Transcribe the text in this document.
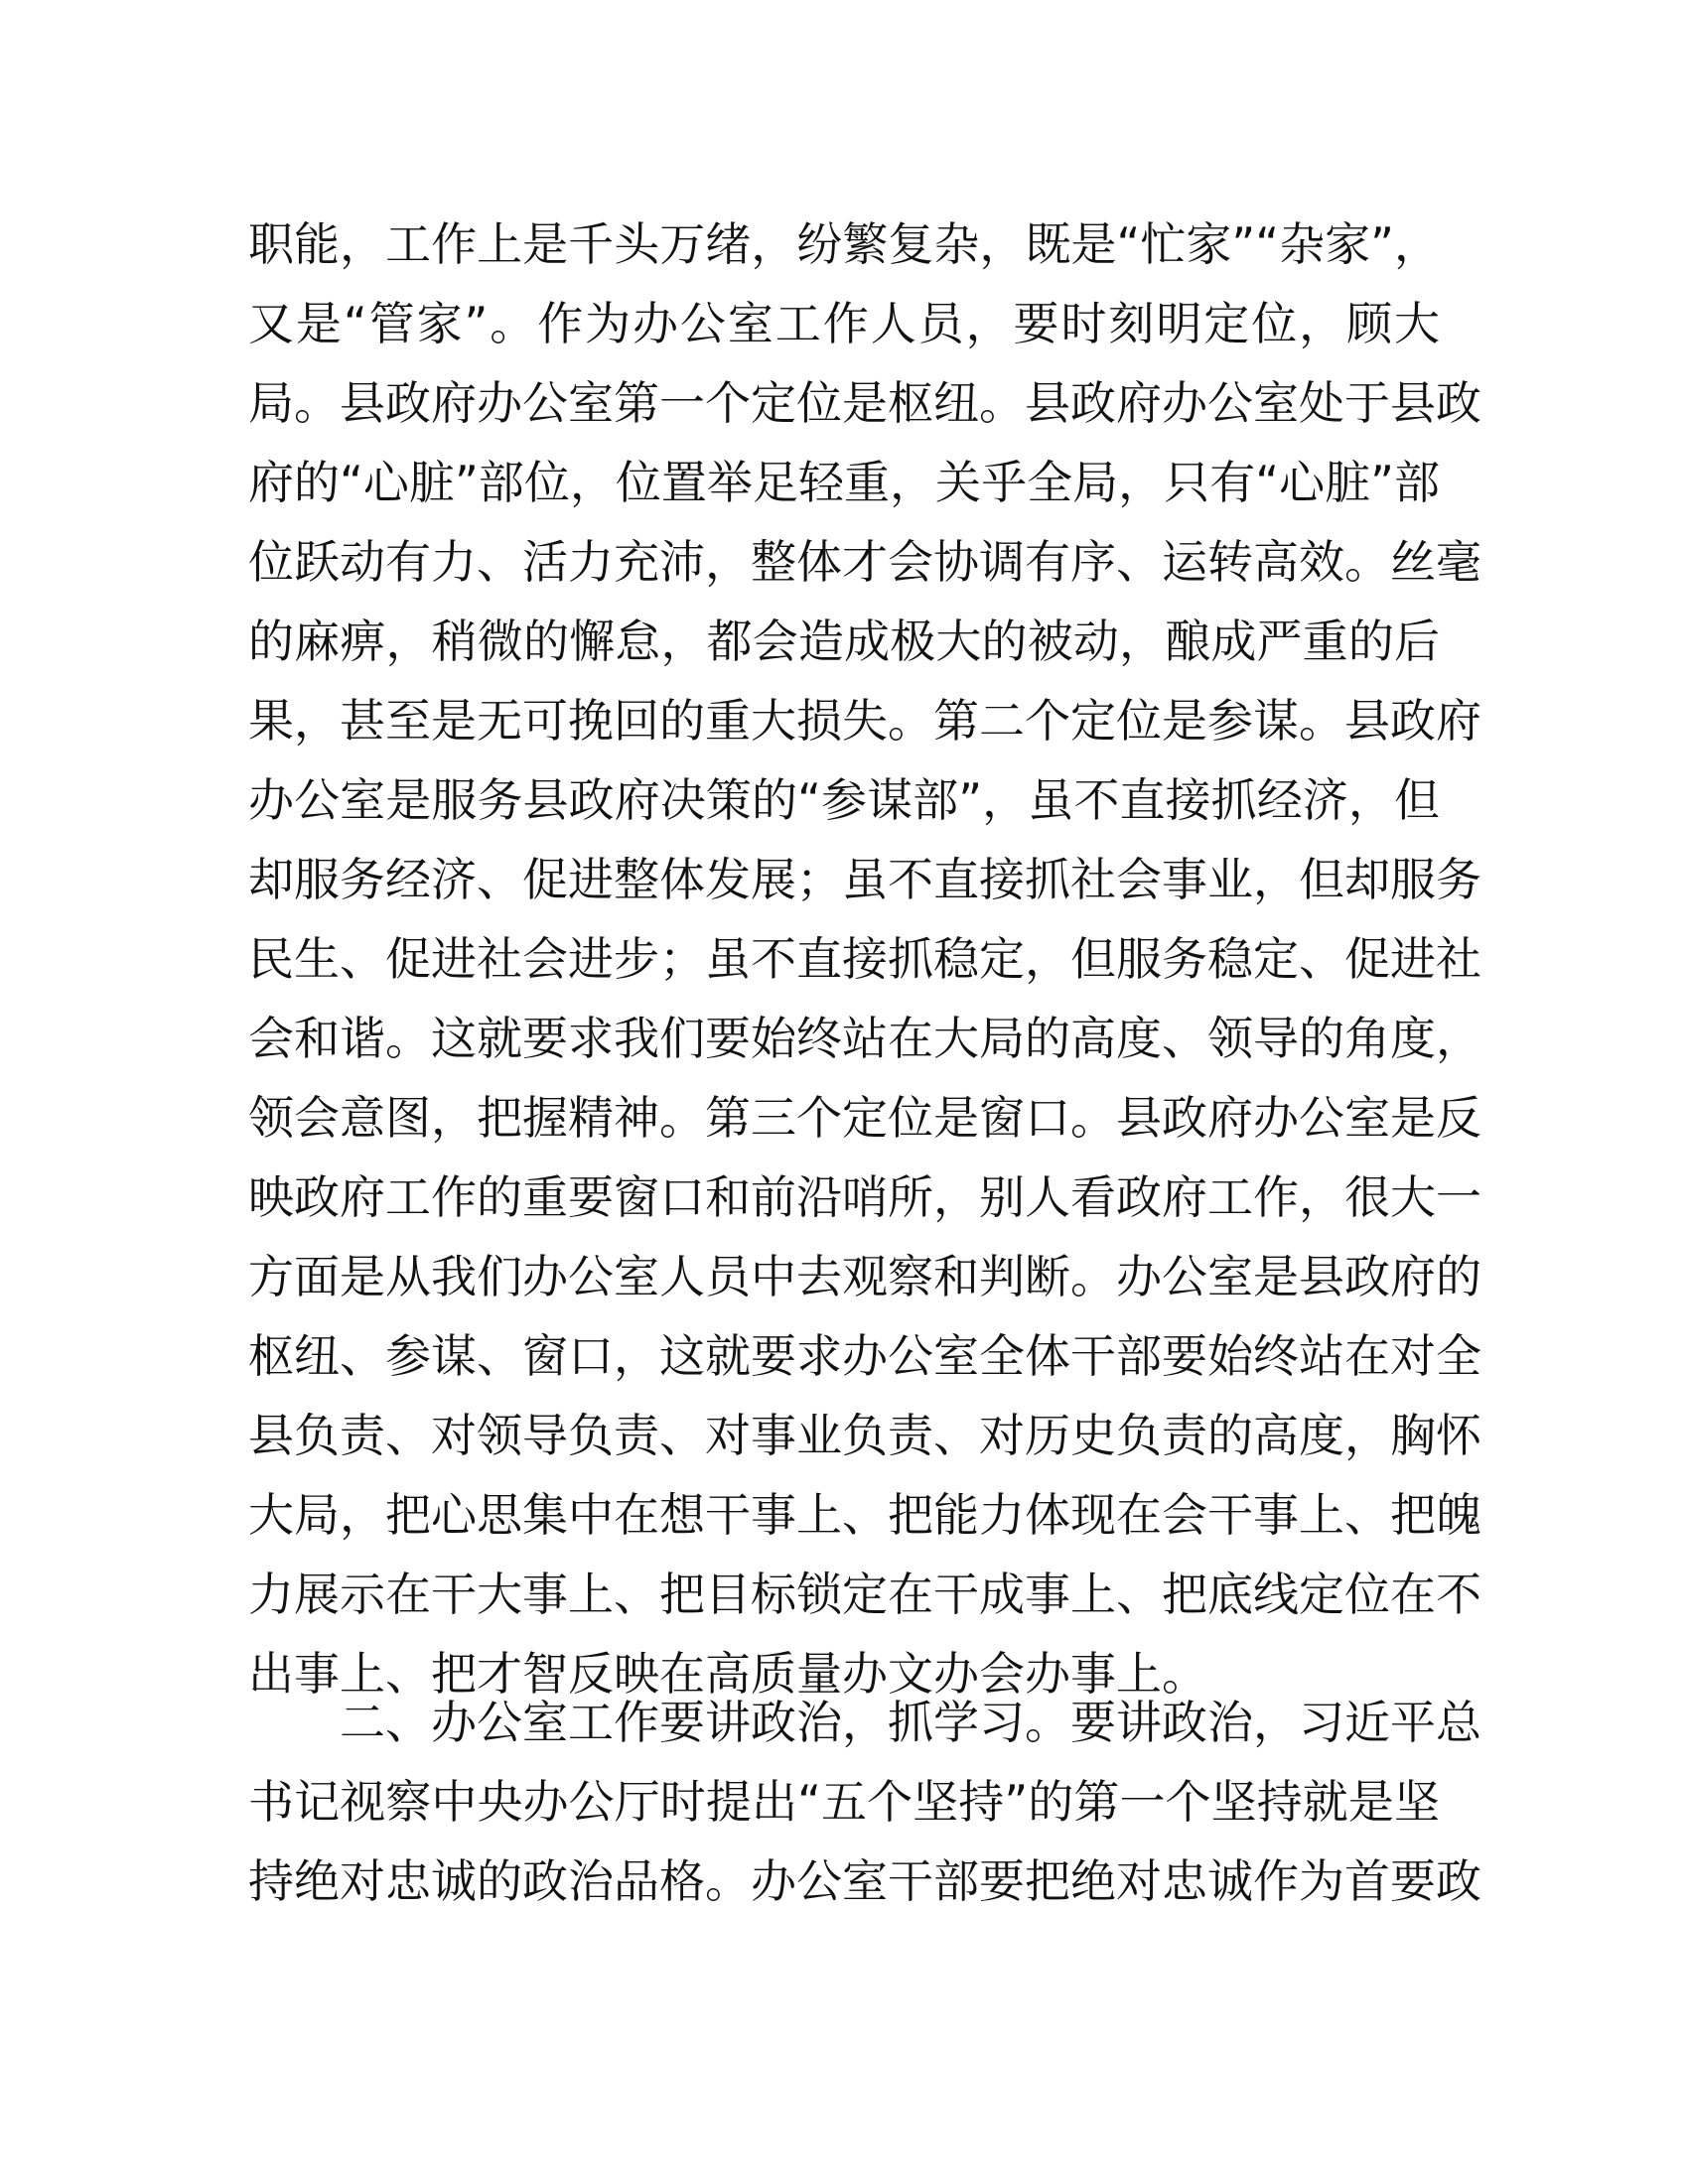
职能，工作上是千头万绪，纷繁复杂，既是“忙家”“杂家”，
又是“管家”。作为办公室工作人员，要时刻明定位，顾大
局。县政府办公室第一个定位是枢纽。县政府办公室处于县政
府的“心脏”部位，位置举足轻重，关乎全局，只有“心脏”部
位跃动有力、活力充沛，整体才会协调有序、运转高效。丝毫
的麻痹，稍微的懈怠，都会造成极大的被动，酿成严重的后
果，甚至是无可挽回的重大损失。第二个定位是参谋。县政府
办公室是服务县政府决策的“参谋部”，虽不直接抓经济，但
却服务经济、促进整体发展；虽不直接抓社会事业，但却服务
民生、促进社会进步；虽不直接抓稳定，但服务稳定、促进社
会和谐。这就要求我们要始终站在大局的高度、领导的角度，
领会意图，把握精神。第三个定位是窗口。县政府办公室是反
映政府工作的重要窗口和前沿哨所，别人看政府工作，很大一
方面是从我们办公室人员中去观察和判断。办公室是县政府的
枢纽、参谋、窗口，这就要求办公室全体干部要始终站在对全
县负责、对领导负责、对事业负责、对历史负责的高度，胸怀
大局，把心思集中在想干事上、把能力体现在会干事上、把魄
力展示在干大事上、把目标锁定在干成事上、把底线定位在不
出事上、把才智反映在高质量办文办会办事上。
二、办公室工作要讲政治，抓学习。要讲政治，习近平总
书记视察中央办公厅时提出“五个坚持”的第一个坚持就是坚
持绝对忠诚的政治品格。办公室干部要把绝对忠诚作为首要政
